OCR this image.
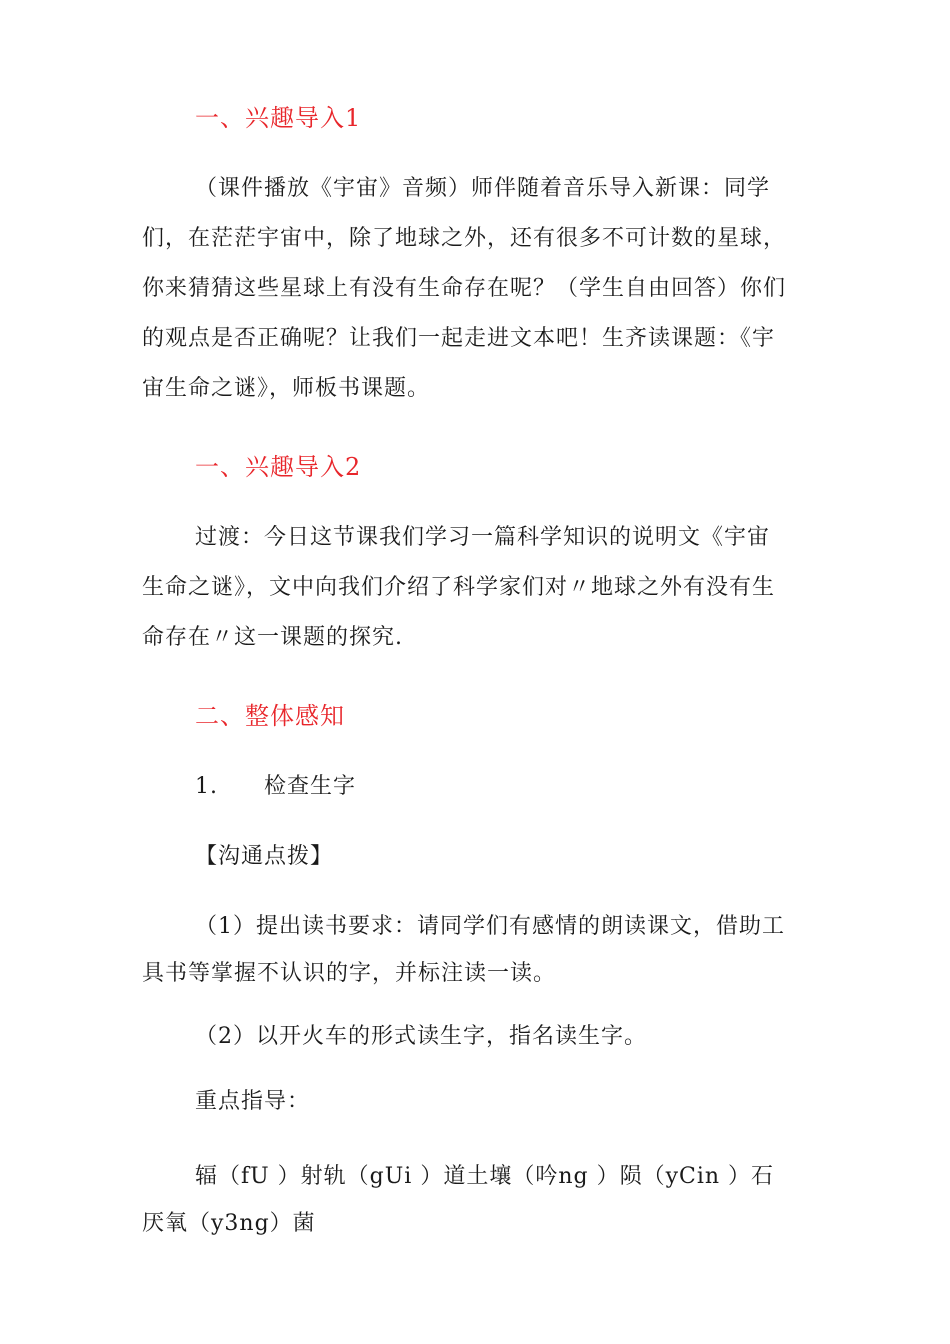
一、兴趣导入1
（课件播放《宇宙》音频）师伴随着音乐导入新课：同学
们，在茫茫宇宙中，除了地球之外，还有很多不可计数的星球，
你来猜猜这些星球上有没有生命存在呢？（学生自由回答）你们
的观点是否正确呢？让我们一起走进文本吧！生齐读课题：《宇
宙生命之谜》，师板书课题。
一、兴趣导入2
过渡：今日这节课我们学习一篇科学知识的说明文《宇宙
生命之谜》，文中向我们介绍了科学家们对〃地球之外有没有生
命存在〃这一课题的探究.
二、整体感知
1.　　检查生字
【沟通点拨】
（1）提出读书要求：请同学们有感情的朗读课文，借助工
具书等掌握不认识的字，并标注读一读。
（2）以开火车的形式读生字，指名读生字。
重点指导：
辐（fU ）射轨（gUi ）道土壤（吟ng ）陨（yCin ）石
厌氧（y3ng）菌
